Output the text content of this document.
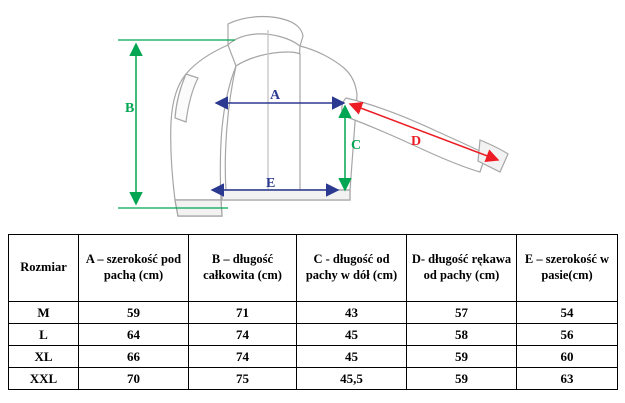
B
A
C	D
E
Rozmiar	A – szerokość pod pachą (cm)	B – długość całkowita (cm)	C - długość od pachy w dół (cm)	D- długość rękawa od pachy (cm)	E – szerokość w pasie(cm)
M	59	71	43	57	54
L	64	74	45	58	56
XL	66	74	45	59	60
XXL	70	75	45,5	59	63
